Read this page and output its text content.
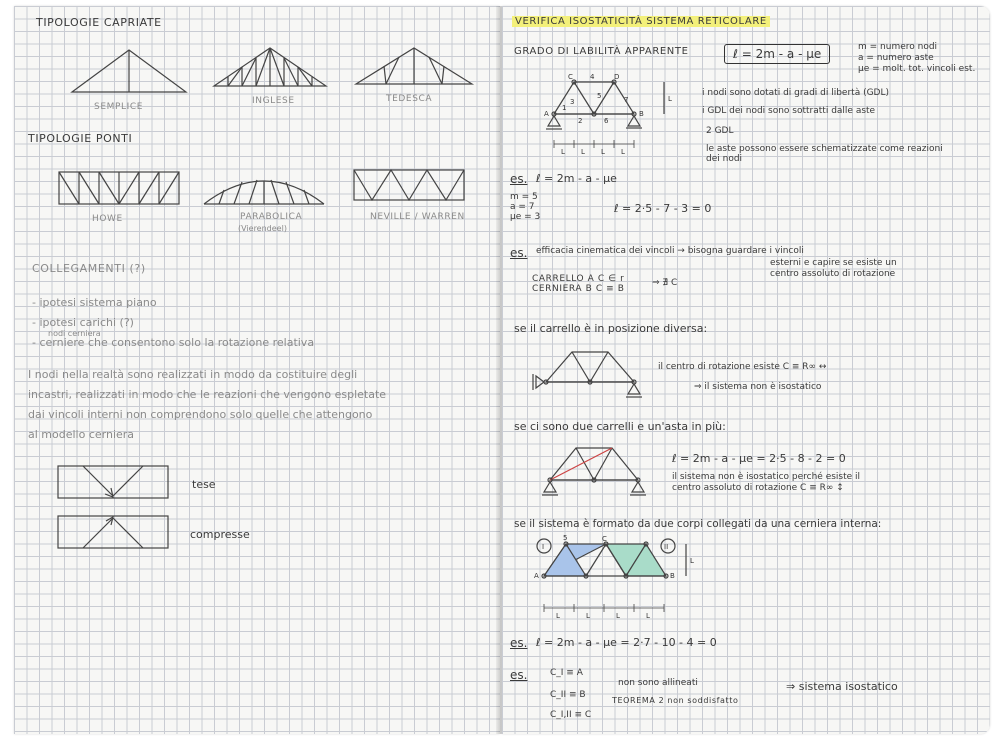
TIPOLOGIE CAPRIATE
SEMPLICE
INGLESE	TEDESCA
TIPOLOGIE PONTI
HOWE	PARABOLICA
(Vierendeel)
NEVILLE / WARREN
COLLEGAMENTI (?)
- ipotesi sistema piano
- ipotesi carichi (?)
nodi cerniera
- cerniere che consentono solo la rotazione relativa
I nodi nella realtà sono realizzati in modo da costituire degli
incastri, realizzati in modo che le reazioni che vengono espletate
dai vincoli interni non comprendono solo quelle che attengono
al modello cerniera
tese
compresse
VERIFICA ISOSTATICITÀ SISTEMA RETICOLARE
GRADO DI LABILITÀ APPARENTE	ℓ = 2m - a - μe	m = numero nodi
a = numero aste
μe = molt. tot. vincoli est.
C 4	D
A	B
3
5	7
1
2	6
L
L L L L
i nodi sono dotati di gradi di libertà (GDL)
i GDL dei nodi sono sottratti dalle aste
2 GDL
le aste possono essere schematizzate come reazioni
dei nodi
es. ℓ = 2m - a - μe
m = 5
a = 7
μe = 3
ℓ = 2·5 - 7 - 3 = 0
es. efficacia cinematica dei vincoli → bisogna guardare i vincoli
esterni e capire se esiste un
centro assoluto di rotazione
CARRELLO A C ∈ r
CERNIERA B C ≡ B
⇒ ∄ C
se il carrello è in posizione diversa:
il centro di rotazione esiste C ≡ R∞ ↔
⇒ il sistema non è isostatico
se ci sono due carrelli e un'asta in più:
ℓ = 2m - a - μe = 2·5 - 8 - 2 = 0
il sistema non è isostatico perché esiste il
centro assoluto di rotazione C ≡ R∞ ↕
se il sistema è formato da due corpi collegati da una cerniera interna:
I	II
A	B
C
5
L
L	L	L	L
es. ℓ = 2m - a - μe = 2·7 - 10 - 4 = 0
es.	C_I ≡ A
C_II ≡ B
C_I,II ≡ C
non sono allineati
TEOREMA 2 non soddisfatto
⇒ sistema isostatico
